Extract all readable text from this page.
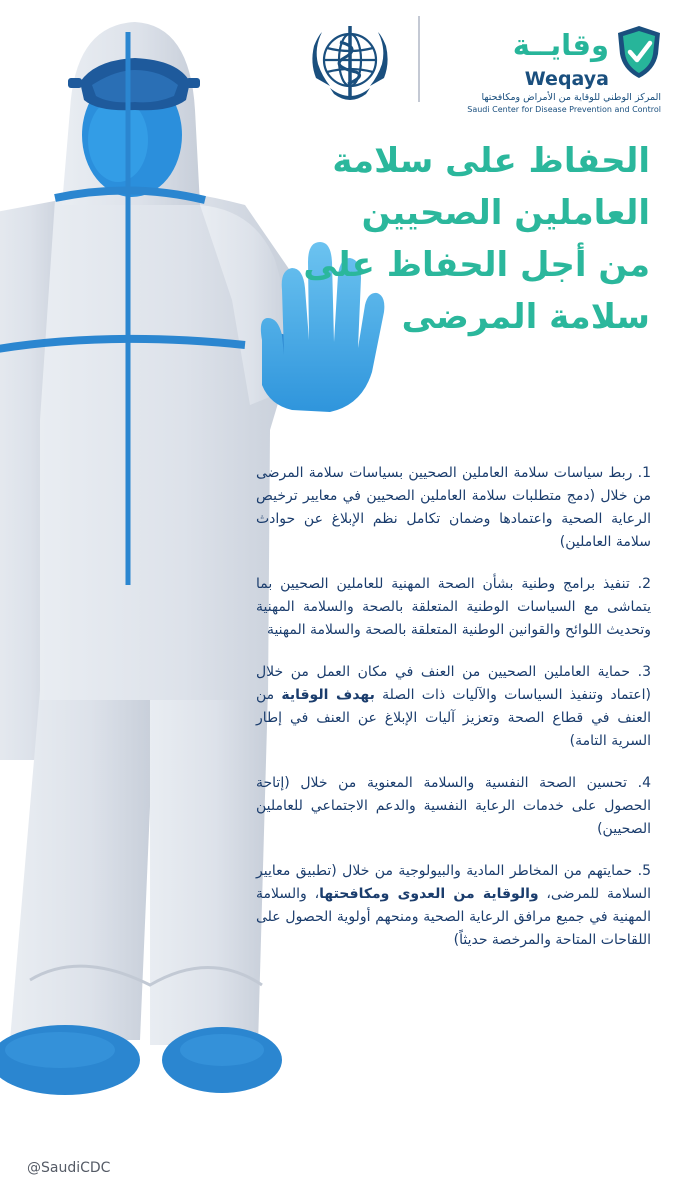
وقايــة
Weqaya
المركز الوطني للوقاية من الأمراض ومكافحتها
Saudi Center for Disease Prevention and Control
الحفاظ على سلامة
العاملين الصحيين
من أجل الحفاظ على
سلامة المرضى

1. ربط سياسات سلامة العاملين الصحيين بسياسات سلامة المرضى من خلال (دمج متطلبات سلامة العاملين الصحيين في معايير ترخيص الرعاية الصحية واعتمادها وضمان تكامل نظم الإبلاغ عن حوادث سلامة العاملين)

2. تنفيذ برامج وطنية بشأن الصحة المهنية للعاملين الصحيين بما يتماشى مع السياسات الوطنية المتعلقة بالصحة والسلامة المهنية وتحديث اللوائح والقوانين الوطنية المتعلقة بالصحة والسلامة المهنية

3. حماية العاملين الصحيين من العنف في مكان العمل من خلال (اعتماد وتنفيذ السياسات والآليات ذات الصلة بهدف الوقاية من العنف في قطاع الصحة وتعزيز آليات الإبلاغ عن العنف في إطار السرية التامة)

4. تحسين الصحة النفسية والسلامة المعنوية من خلال (إتاحة الحصول على خدمات الرعاية النفسية والدعم الاجتماعي للعاملين الصحيين)

5. حمايتهم من المخاطر المادية والبيولوجية من خلال (تطبيق معايير السلامة للمرضى، والوقاية من العدوى ومكافحتها، والسلامة المهنية في جميع مرافق الرعاية الصحية ومنحهم أولوية الحصول على اللقاحات المتاحة والمرخصة حديثاً)

@SaudiCDC
